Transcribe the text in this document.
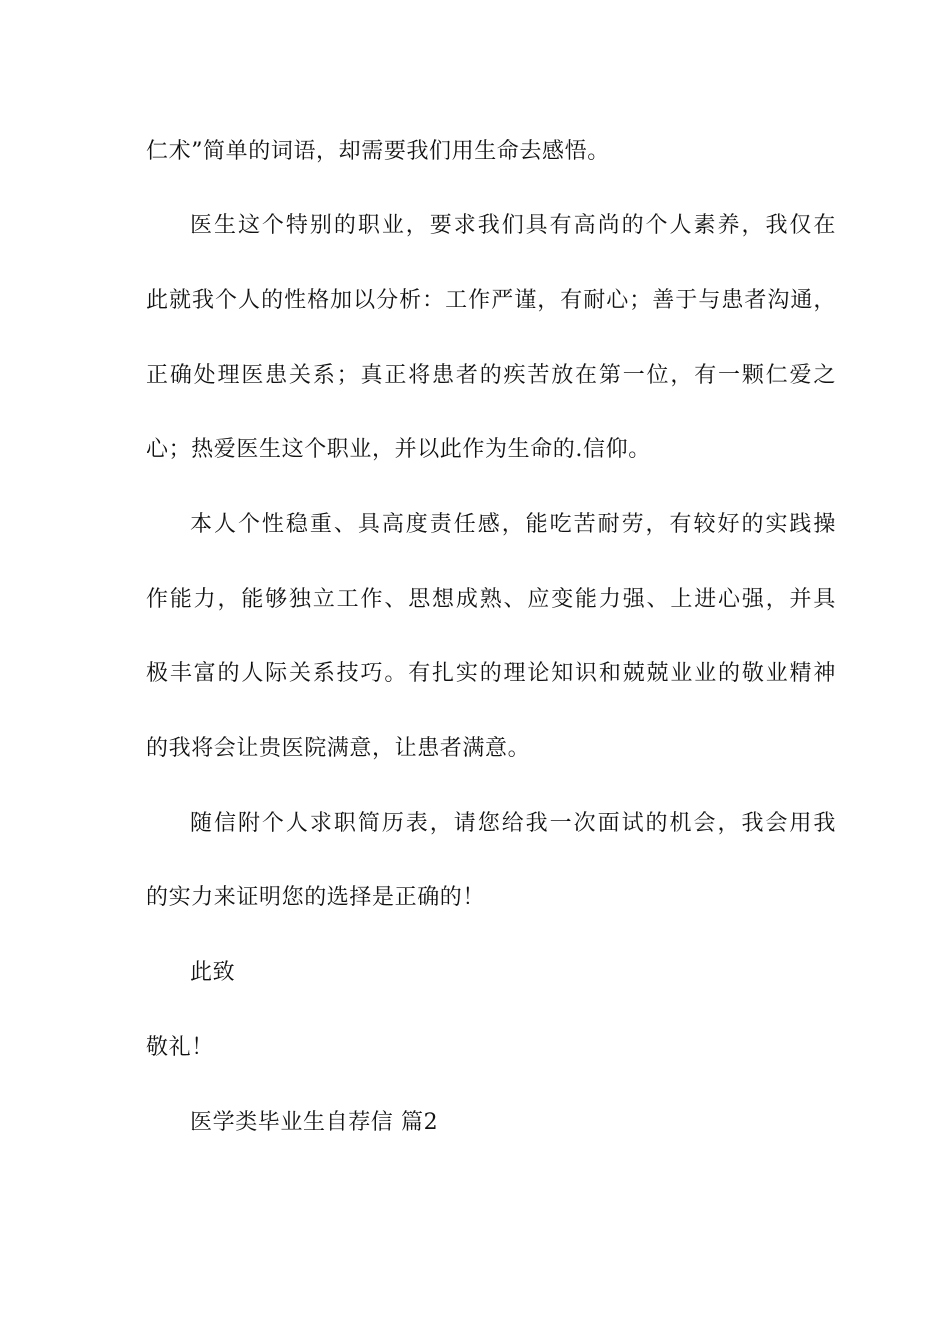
仁术”简单的词语，却需要我们用生命去感悟。
医生这个特别的职业，要求我们具有高尚的个人素养，我仅在
此就我个人的性格加以分析：工作严谨，有耐心；善于与患者沟通，
正确处理医患关系；真正将患者的疾苦放在第一位，有一颗仁爱之
心；热爱医生这个职业，并以此作为生命的.信仰。
本人个性稳重、具高度责任感，能吃苦耐劳，有较好的实践操
作能力，能够独立工作、思想成熟、应变能力强、上进心强，并具
极丰富的人际关系技巧。有扎实的理论知识和兢兢业业的敬业精神
的我将会让贵医院满意，让患者满意。
随信附个人求职简历表，请您给我一次面试的机会，我会用我
的实力来证明您的选择是正确的！
此致
敬礼！
医学类毕业生自荐信 篇2
